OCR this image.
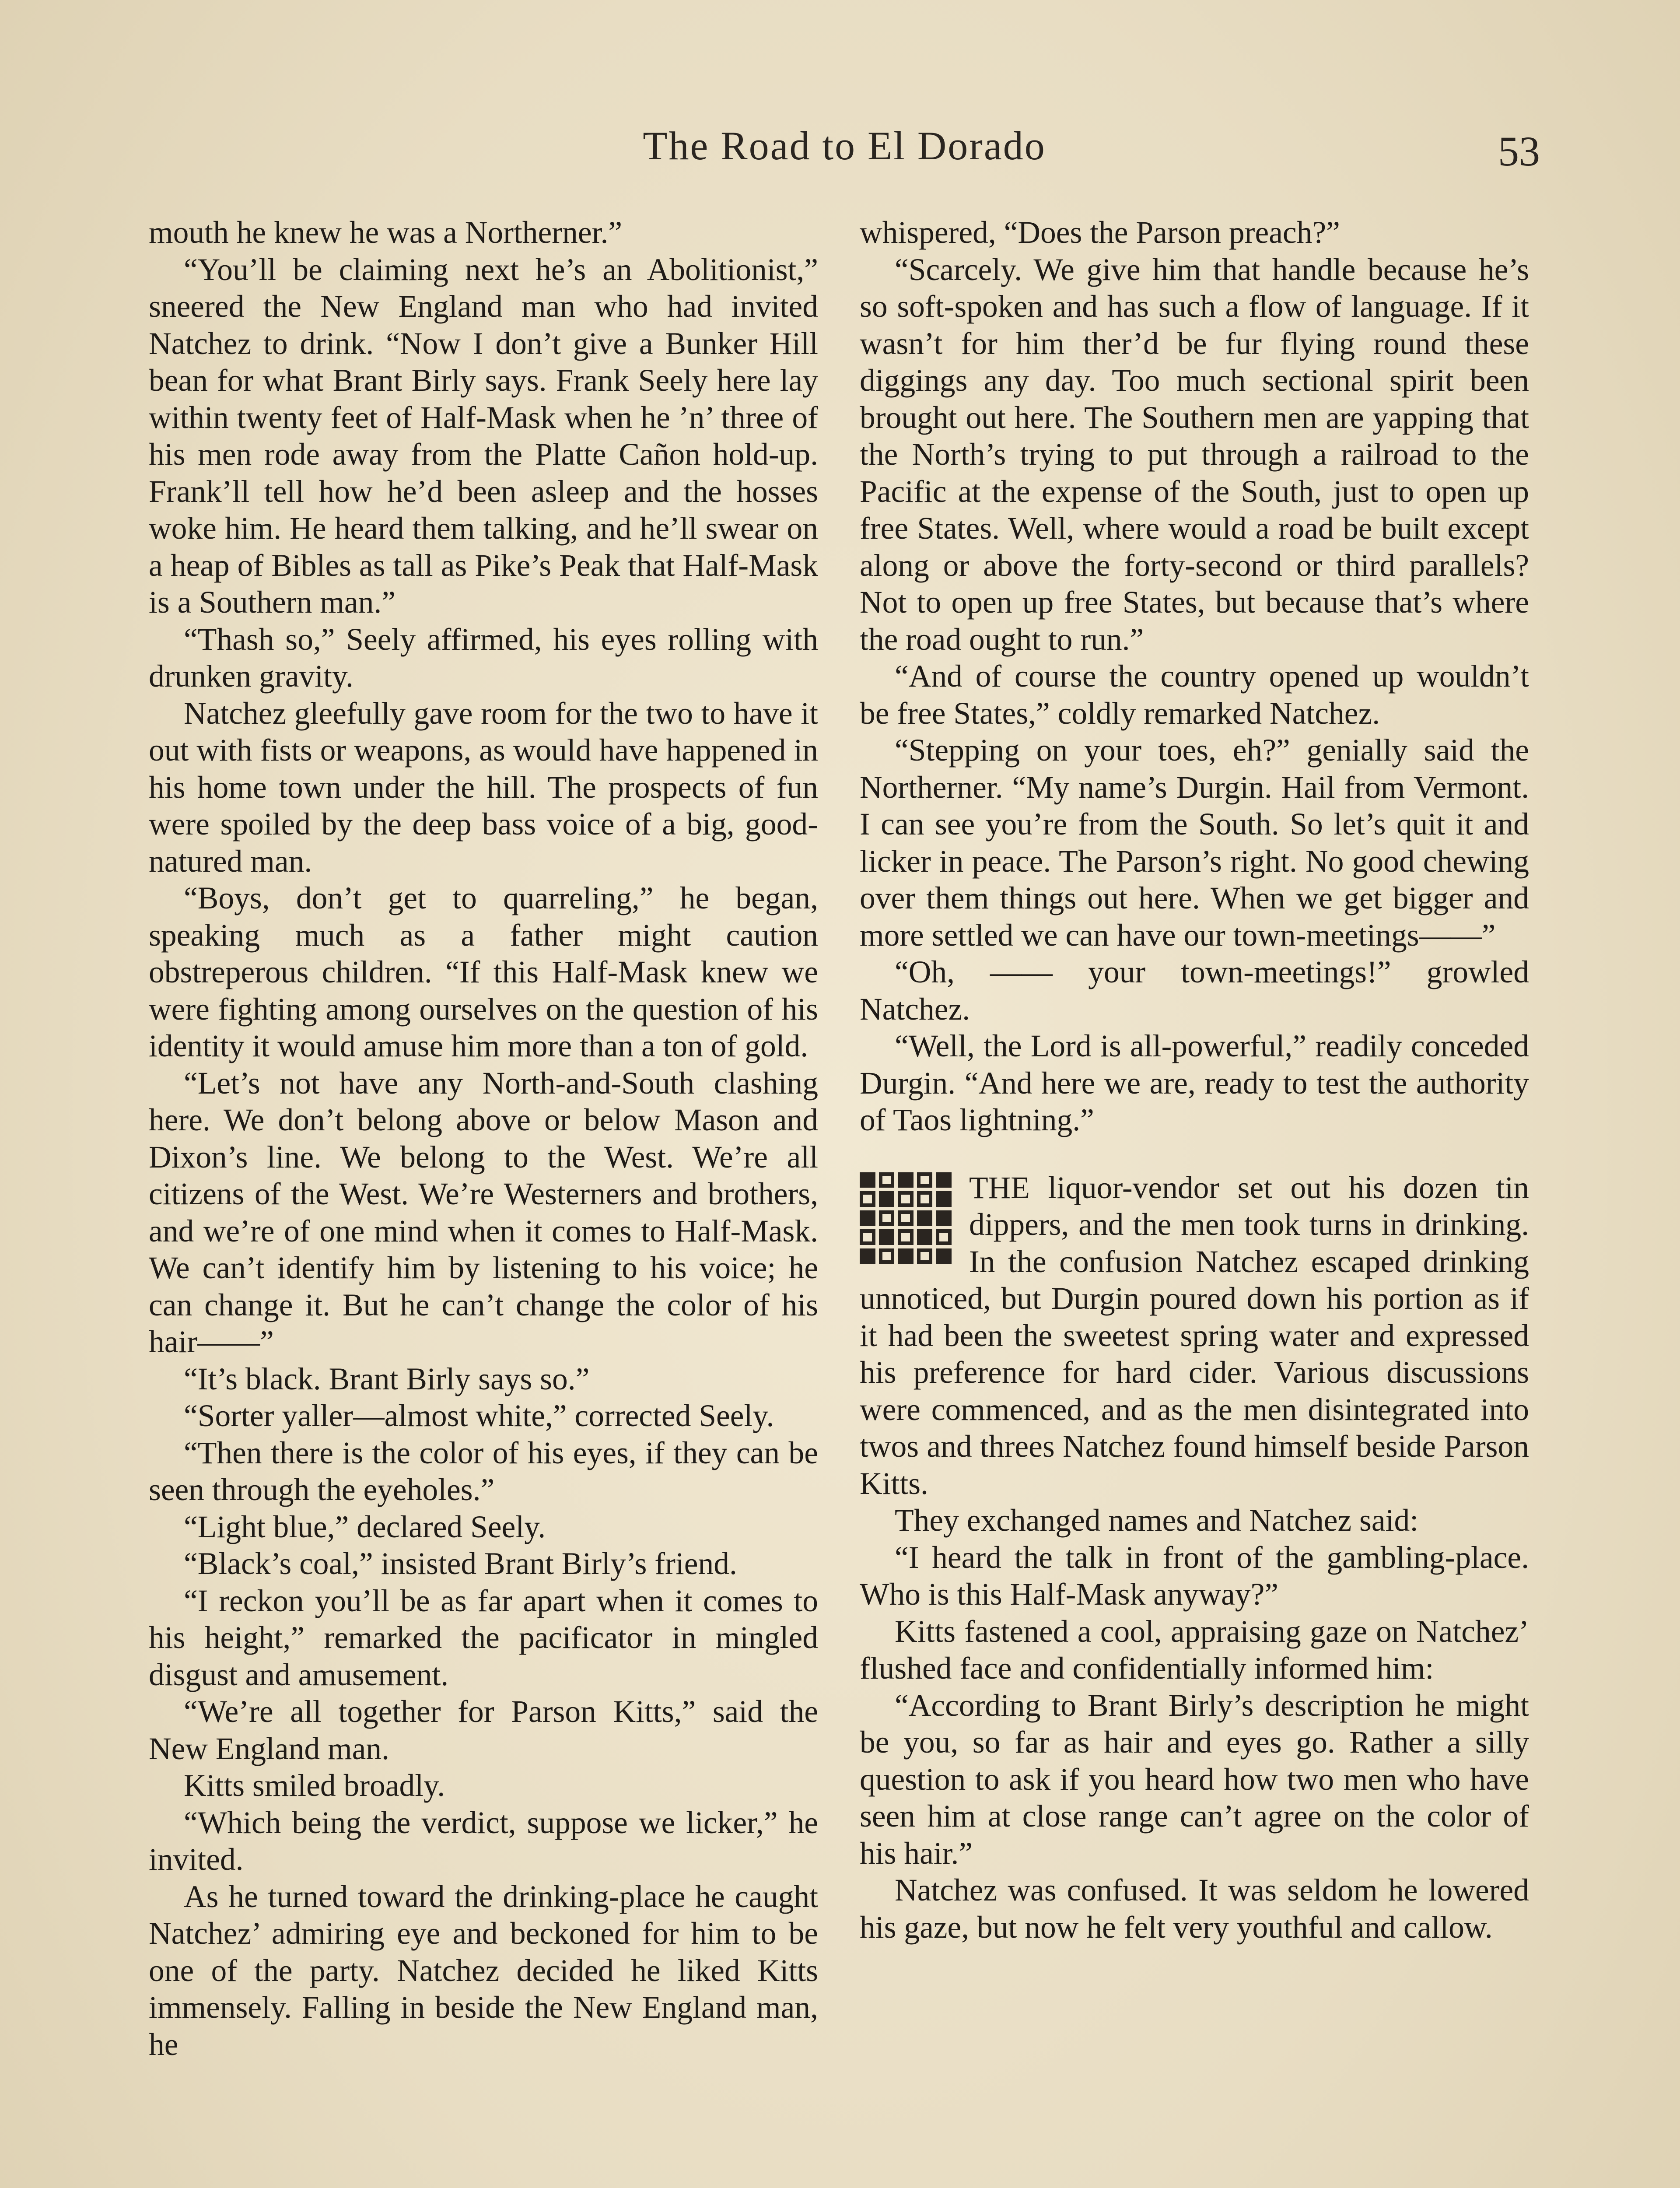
The Road to El Dorado	53

mouth he knew he was a Northerner.”

“You’ll be claiming next he’s an Abolitionist,” sneered the New England man who had invited Natchez to drink. “Now I don’t give a Bunker Hill bean for what Brant Birly says. Frank Seely here lay within twenty feet of Half-Mask when he ’n’ three of his men rode away from the Platte Cañon hold-up. Frank’ll tell how he’d been asleep and the hosses woke him. He heard them talking, and he’ll swear on a heap of Bibles as tall as Pike’s Peak that Half-Mask is a Southern man.”

“Thash so,” Seely affirmed, his eyes rolling with drunken gravity.

Natchez gleefully gave room for the two to have it out with fists or weapons, as would have happened in his home town under the hill. The prospects of fun were spoiled by the deep bass voice of a big, good-natured man.

“Boys, don’t get to quarreling,” he began, speaking much as a father might caution obstreperous children. “If this Half-Mask knew we were fighting among ourselves on the question of his identity it would amuse him more than a ton of gold.

“Let’s not have any North-and-South clashing here. We don’t belong above or below Mason and Dixon’s line. We belong to the West. We’re all citizens of the West. We’re Westerners and brothers, and we’re of one mind when it comes to Half-Mask. We can’t identify him by listening to his voice; he can change it. But he can’t change the color of his hair——”

“It’s black. Brant Birly says so.”

“Sorter yaller—almost white,” corrected Seely.

“Then there is the color of his eyes, if they can be seen through the eyeholes.”

“Light blue,” declared Seely.

“Black’s coal,” insisted Brant Birly’s friend.

“I reckon you’ll be as far apart when it comes to his height,” remarked the pacificator in mingled disgust and amusement.

“We’re all together for Parson Kitts,” said the New England man.

Kitts smiled broadly.

“Which being the verdict, suppose we licker,” he invited.

As he turned toward the drinking-place he caught Natchez’ admiring eye and beckoned for him to be one of the party. Natchez decided he liked Kitts immensely. Falling in beside the New England man, he

whispered, “Does the Parson preach?”

“Scarcely. We give him that handle because he’s so soft-spoken and has such a flow of language. If it wasn’t for him ther’d be fur flying round these diggings any day. Too much sectional spirit been brought out here. The Southern men are yapping that the North’s trying to put through a railroad to the Pacific at the expense of the South, just to open up free States. Well, where would a road be built except along or above the forty-second or third parallels? Not to open up free States, but because that’s where the road ought to run.”

“And of course the country opened up wouldn’t be free States,” coldly remarked Natchez.

“Stepping on your toes, eh?” genially said the Northerner. “My name’s Durgin. Hail from Vermont. I can see you’re from the South. So let’s quit it and licker in peace. The Parson’s right. No good chewing over them things out here. When we get bigger and more settled we can have our town-meetings——”

“Oh, —— your town-meetings!” growled Natchez.

“Well, the Lord is all-powerful,” readily conceded Durgin. “And here we are, ready to test the authority of Taos lightning.”

THE liquor-vendor set out his dozen tin dippers, and the men took turns in drinking. In the confusion Natchez escaped drinking unnoticed, but Durgin poured down his portion as if it had been the sweetest spring water and expressed his preference for hard cider. Various discussions were commenced, and as the men disintegrated into twos and threes Natchez found himself beside Parson Kitts.

They exchanged names and Natchez said:

“I heard the talk in front of the gambling-place. Who is this Half-Mask anyway?”

Kitts fastened a cool, appraising gaze on Natchez’ flushed face and confidentially informed him:

“According to Brant Birly’s description he might be you, so far as hair and eyes go. Rather a silly question to ask if you heard how two men who have seen him at close range can’t agree on the color of his hair.”

Natchez was confused. It was seldom he lowered his gaze, but now he felt very youthful and callow.
